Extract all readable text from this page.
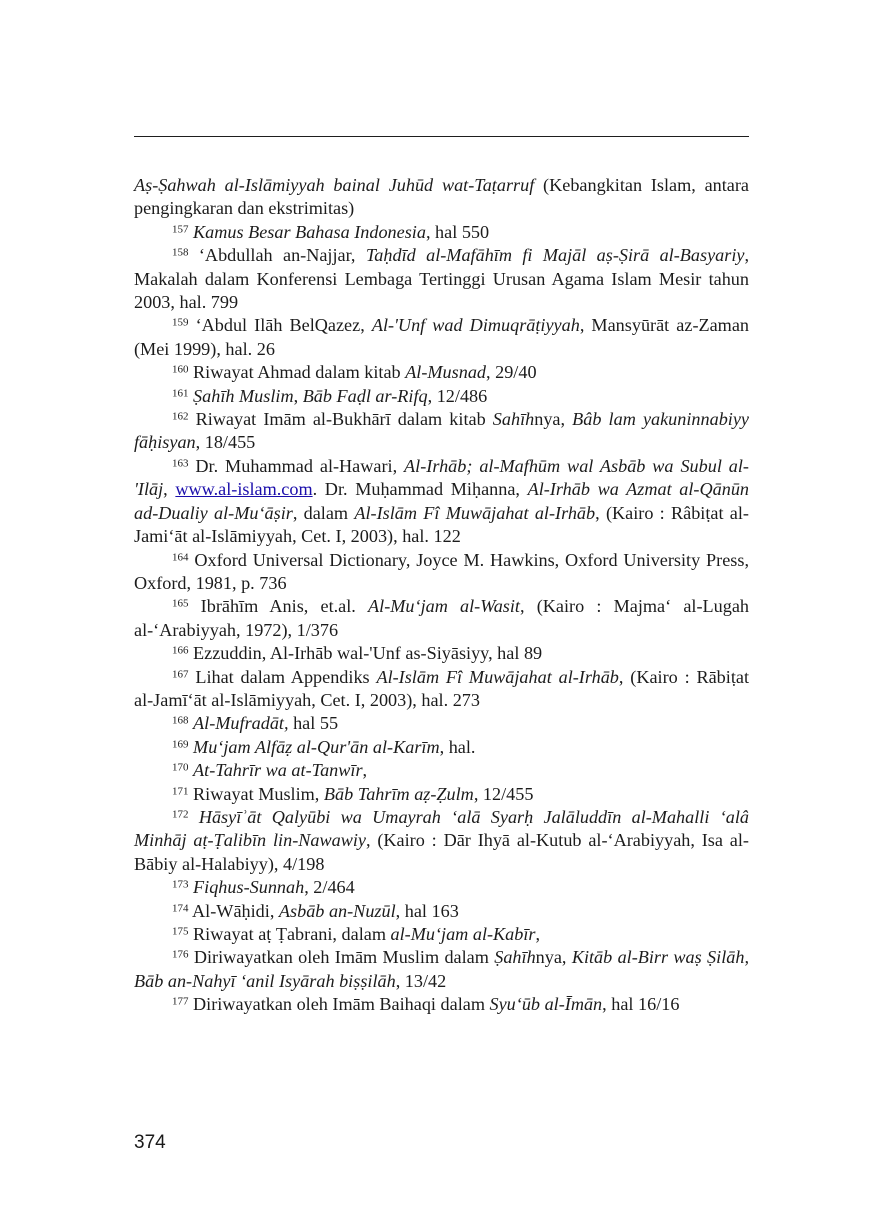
Aṣ-Ṣahwah al-Islāmiyyah bainal Juhūd wat-Taṭarruf (Kebangkitan Islam, antara pengingkaran dan ekstrimitas)

$^{157}$ Kamus Besar Bahasa Indonesia, hal 550

$^{158}$ ‘Abdullah an-Najjar, Taḥdīd al-Mafāhīm fi Majāl aṣ-Ṣirā al-Basyariy, Makalah dalam Konferensi Lembaga Tertinggi Urusan Agama Islam Mesir tahun 2003, hal. 799

$^{159}$ ‘Abdul Ilāh BelQazez, Al-'Unf wad Dimuqrāṭiyyah, Mansyūrāt az-Zaman (Mei 1999), hal. 26

$^{160}$ Riwayat Ahmad dalam kitab Al-Musnad, 29/40

$^{161}$ Ṣahīh Muslim, Bāb Faḍl ar-Rifq, 12/486

$^{162}$ Riwayat Imām al-Bukhārī dalam kitab Sahīhnya, Bâb lam yakuninnabiyy fāḥisyan, 18/455

$^{163}$ Dr. Muhammad al-Hawari, Al-Irhāb; al-Mafhūm wal Asbāb wa Subul al-'Ilāj, www.al-islam.com. Dr. Muḥammad Miḥanna, Al-Irhāb wa Azmat al-Qānūn ad-Dualiy al-Mu‘āṣir, dalam Al-Islām Fî Muwājahat al-Irhāb, (Kairo : Râbiṭat al-Jami‘āt al-Islāmiyyah, Cet. I, 2003), hal. 122

$^{164}$ Oxford Universal Dictionary, Joyce M. Hawkins, Oxford University Press, Oxford, 1981, p. 736

$^{165}$ Ibrāhīm Anis, et.al. Al-Mu‘jam al-Wasit, (Kairo : Majma‘ al-Lugah al-‘Arabiyyah, 1972), 1/376

$^{166}$ Ezzuddin, Al-Irhāb wal-'Unf as-Siyāsiyy, hal 89

$^{167}$ Lihat dalam Appendiks Al-Islām Fî Muwājahat al-Irhāb, (Kairo : Rābiṭat al-Jamī‘āt al-Islāmiyyah, Cet. I, 2003), hal. 273

$^{168}$ Al-Mufradāt, hal 55

$^{169}$ Mu‘jam Alfāẓ al-Qur'ān al-Karīm, hal.

$^{170}$ At-Tahrīr wa at-Tanwīr,

$^{171}$ Riwayat Muslim, Bāb Tahrīm aẓ-Ẓulm, 12/455

$^{172}$ Hāsyīʾāt Qalyūbi wa Umayrah ‘alā Syarḥ Jalāluddīn al-Mahalli ‘alâ Minhāj aṭ-Ṭalibīn lin-Nawawiy, (Kairo : Dār Ihyā al-Kutub al-‘Arabiyyah, Isa al-Bābiy al-Halabiyy), 4/198

$^{173}$ Fiqhus-Sunnah, 2/464

$^{174}$ Al-Wāḥidi, Asbāb an-Nuzūl, hal 163

$^{175}$ Riwayat aṭ Ṭabrani, dalam al-Mu‘jam al-Kabīr,

$^{176}$ Diriwayatkan oleh Imām Muslim dalam Ṣahīhnya, Kitāb al-Birr waṣ Ṣilāh, Bāb an-Nahyī ‘anil Isyārah biṣṣilāh, 13/42

$^{177}$ Diriwayatkan oleh Imām Baihaqi dalam Syu‘ūb al-Īmān, hal 16/16

374
